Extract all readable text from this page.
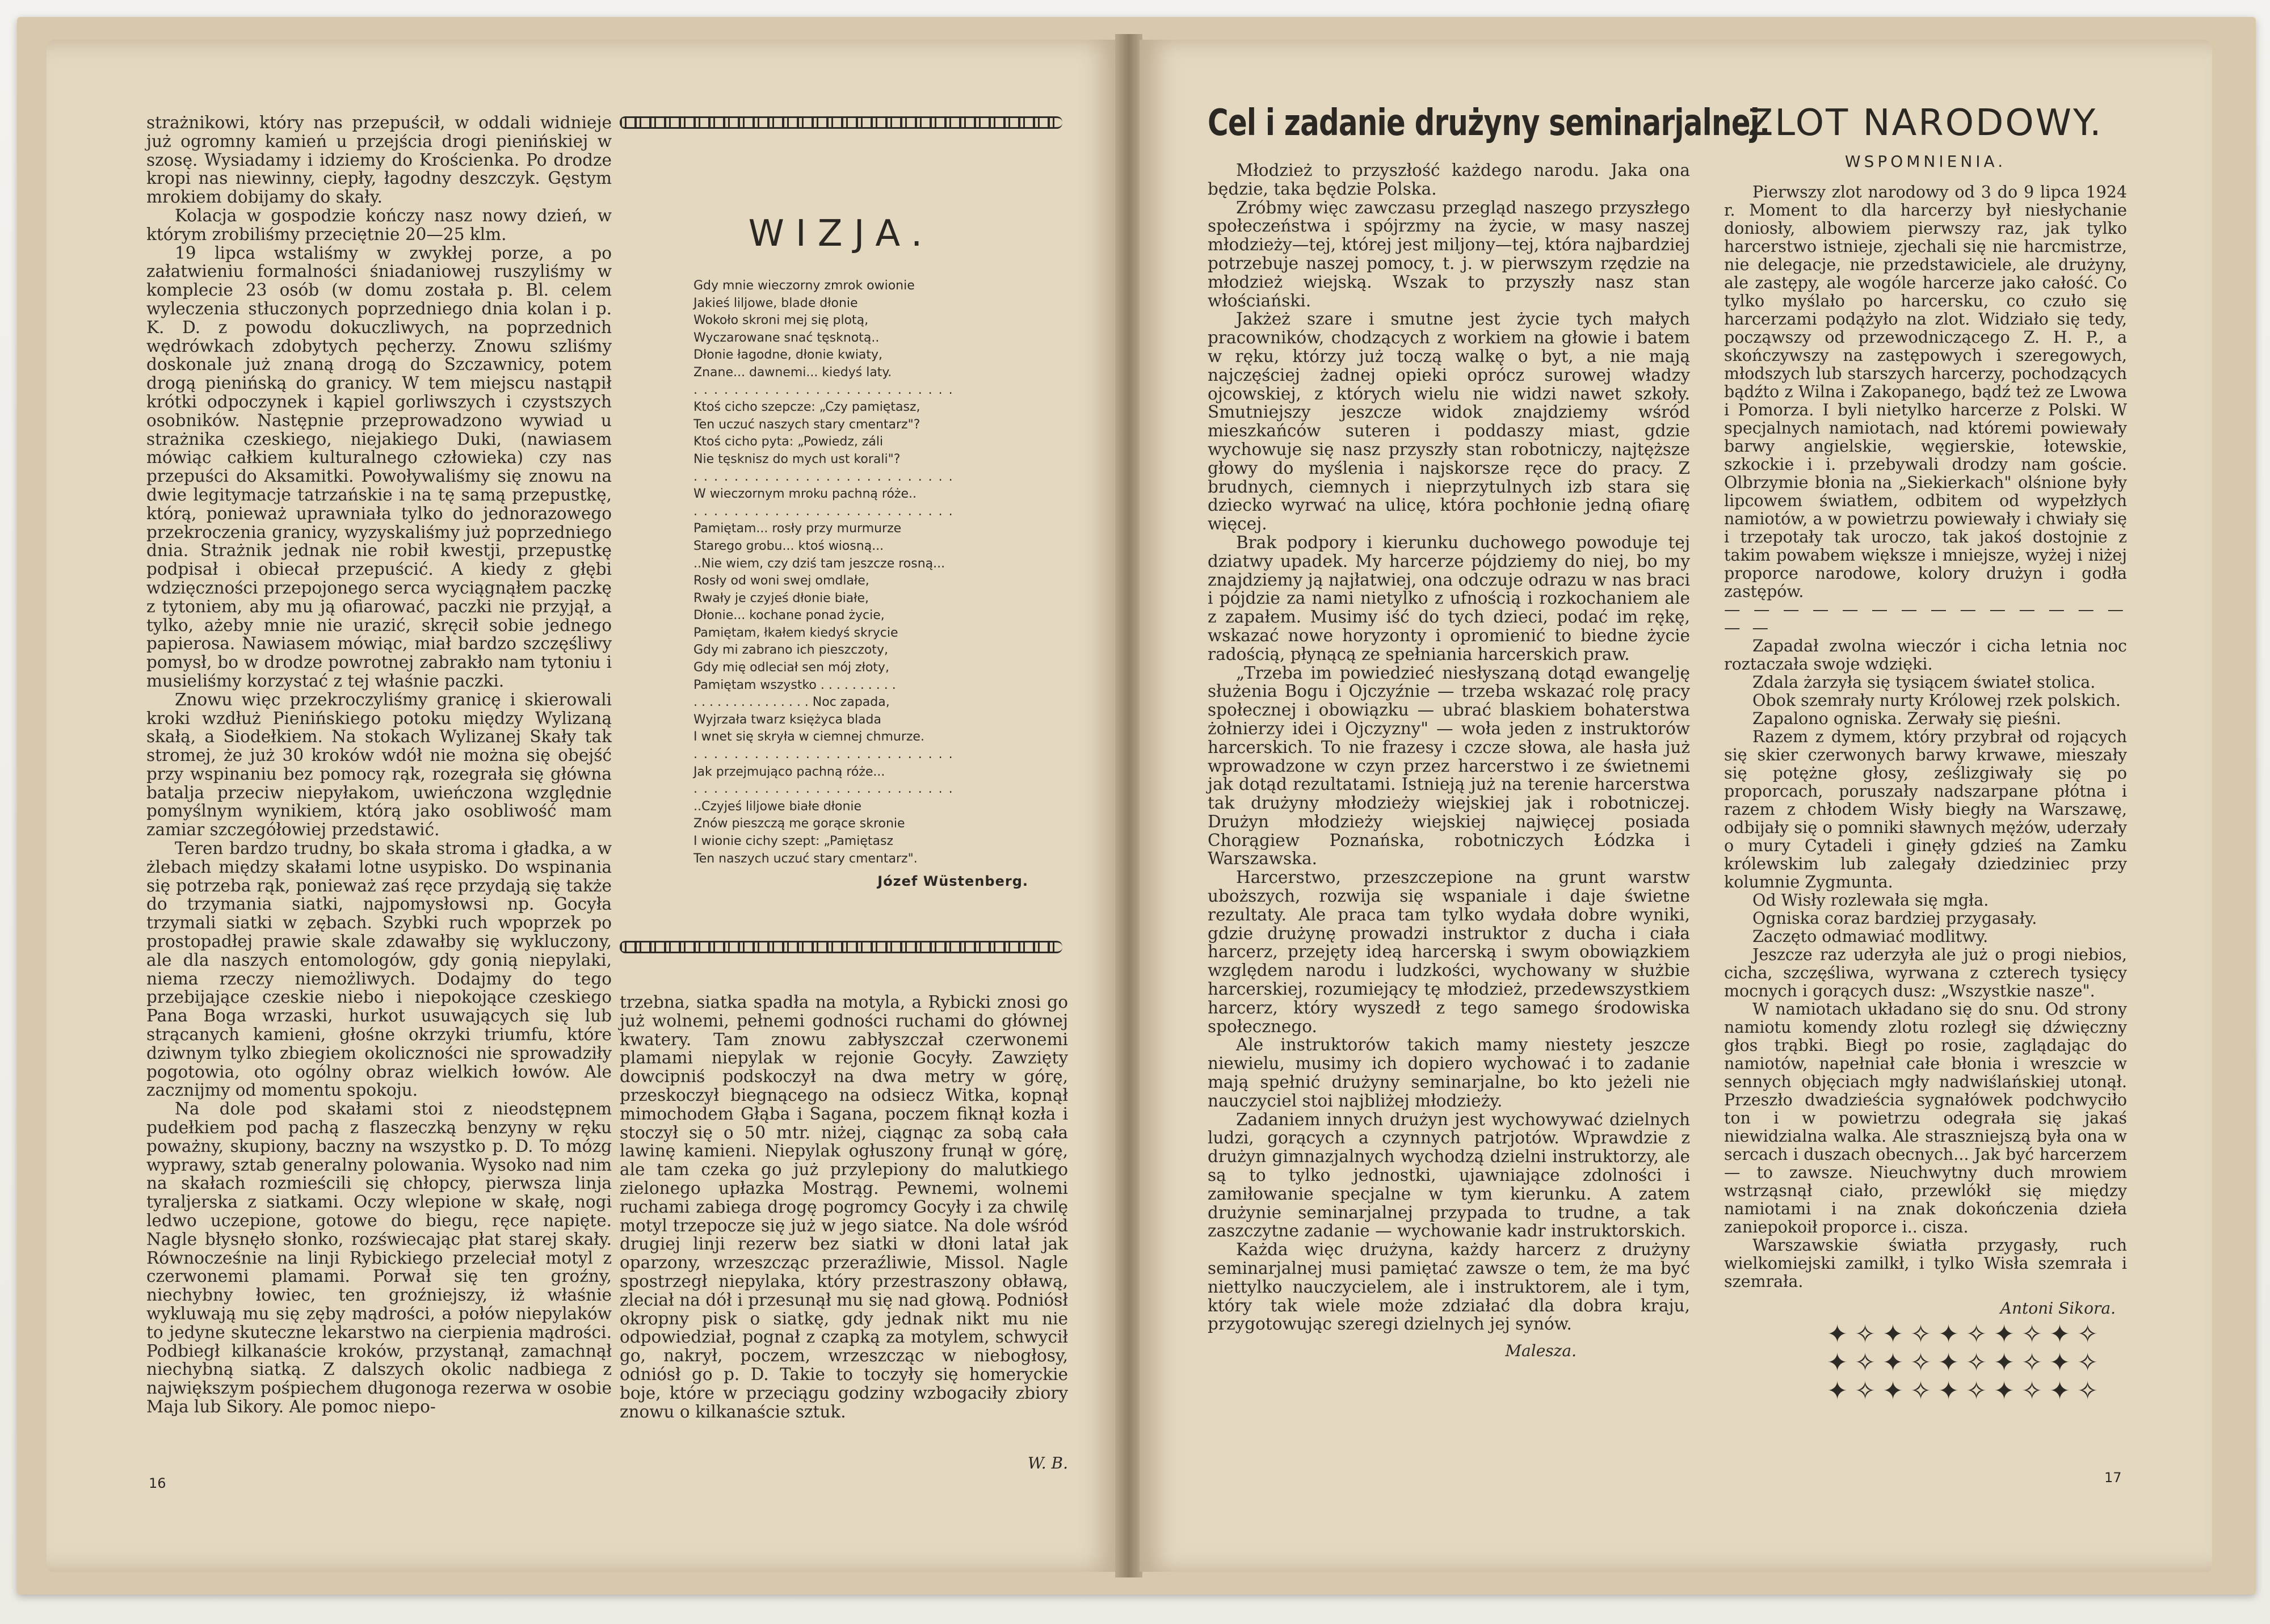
strażnikowi, który nas przepuścił, w oddali widnieje już ogromny kamień u przejścia drogi pienińskiej w szosę. Wysiadamy i idziemy do Krościenka. Po drodze kropi nas niewinny, ciepły, łagodny deszczyk. Gęstym mrokiem dobijamy do skały.

Kolacja w gospodzie kończy nasz nowy dzień, w którym zrobiliśmy przeciętnie 20—25 klm.

19 lipca wstaliśmy w zwykłej porze, a po załatwieniu formalności śniadaniowej ruszyliśmy w komplecie 23 osób (w domu została p. Bl. celem wyleczenia stłuczonych poprzedniego dnia kolan i p. K. D. z powodu dokuczliwych, na poprzednich wędrówkach zdobytych pęcherzy. Znowu szliśmy doskonale już znaną drogą do Szczawnicy, potem drogą pienińską do granicy. W tem miejscu nastąpił krótki odpoczynek i kąpiel gorliwszych i czystszych osobników. Następnie przeprowadzono wywiad u strażnika czeskiego, niejakiego Duki, (nawiasem mówiąc całkiem kulturalnego człowieka) czy nas przepuści do Aksamitki. Powoływaliśmy się znowu na dwie legitymacje tatrzańskie i na tę samą przepustkę, którą, ponieważ uprawniała tylko do jednorazowego przekroczenia granicy, wyzyskaliśmy już poprzedniego dnia. Strażnik jednak nie robił kwestji, przepustkę podpisał i obiecał przepuścić. A kiedy z głębi wdzięczności przepojonego serca wyciągnąłem paczkę z tytoniem, aby mu ją ofiarować, paczki nie przyjął, a tylko, ażeby mnie nie urazić, skręcił sobie jednego papierosa. Nawiasem mówiąc, miał bardzo szczęśliwy pomysł, bo w drodze powrotnej zabrakło nam tytoniu i musieliśmy korzystać z tej właśnie paczki.

Znowu więc przekroczyliśmy granicę i skierowali kroki wzdłuż Pienińskiego potoku między Wylizaną skałą, a Siodełkiem. Na stokach Wylizanej Skały tak stromej, że już 30 kroków wdół nie można się obejść przy wspinaniu bez pomocy rąk, rozegrała się główna batalja przeciw niepyłakom, uwieńczona względnie pomyślnym wynikiem, którą jako osobliwość mam zamiar szczegółowiej przedstawić.

Teren bardzo trudny, bo skała stroma i gładka, a w żlebach między skałami lotne usypisko. Do wspinania się potrzeba rąk, ponieważ zaś ręce przydają się także do trzymania siatki, najpomysłowsi np. Gocyła trzymali siatki w zębach. Szybki ruch wpoprzek po prostopadłej prawie skale zdawałby się wykluczony, ale dla naszych entomologów, gdy gonią niepylaki, niema rzeczy niemożliwych. Dodajmy do tego przebijające czeskie niebo i niepokojące czeskiego Pana Boga wrzaski, hurkot usuwających się lub strącanych kamieni, głośne okrzyki triumfu, które dziwnym tylko zbiegiem okoliczności nie sprowadziły pogotowia, oto ogólny obraz wielkich łowów. Ale zacznijmy od momentu spokoju.

Na dole pod skałami stoi z nieodstępnem pudełkiem pod pachą z flaszeczką benzyny w ręku poważny, skupiony, baczny na wszystko p. D. To mózg wyprawy, sztab generalny polowania. Wysoko nad nim na skałach rozmieścili się chłopcy, pierwsza linja tyraljerska z siatkami. Oczy wlepione w skałę, nogi ledwo uczepione, gotowe do biegu, ręce napięte. Nagle błysnęło słonko, rozświecając płat starej skały. Równocześnie na linji Rybickiego przeleciał motyl z czerwonemi plamami. Porwał się ten groźny, niechybny łowiec, ten groźniejszy, iż właśnie wykluwają mu się zęby mądrości, a połów niepylaków to jedyne skuteczne lekarstwo na cierpienia mądrości. Podbiegł kilkanaście kroków, przystanął, zamachnął niechybną siatką. Z dalszych okolic nadbiega z największym pośpiechem długonoga rezerwa w osobie Maja lub Sikory. Ale pomoc niepo-

WIZJA.
Gdy mnie wieczorny zmrok owionie
Jakieś liljowe, blade dłonie
Wokoło skroni mej się plotą,
Wyczarowane snać tęsknotą..
Dłonie łagodne, dłonie kwiaty,
Znane... dawnemi... kiedyś laty.
. . . . . . . . . . . . . . . . . . . . . . . . . .
Ktoś cicho szepcze: „Czy pamiętasz,
Ten uczuć naszych stary cmentarz"?
Ktoś cicho pyta: „Powiedz, záli
Nie tęsknisz do mych ust korali"?
. . . . . . . . . . . . . . . . . . . . . . . . . .
W wieczornym mroku pachną róże..
. . . . . . . . . . . . . . . . . . . . . . . . . .
Pamiętam... rosły przy murmurze
Starego grobu... ktoś wiosną...
..Nie wiem, czy dziś tam jeszcze rosną...
Rosły od woni swej omdlałe,
Rwały je czyjeś dłonie białe,
Dłonie... kochane ponad życie,
Pamiętam, łkałem kiedyś skrycie
Gdy mi zabrano ich pieszczoty,
Gdy mię odleciał sen mój złoty,
Pamiętam wszystko . . . . . . . . . .
. . . . . . . . . . . . . . . Noc zapada,
Wyjrzała twarz księżyca blada
I wnet się skryła w ciemnej chmurze.
. . . . . . . . . . . . . . . . . . . . . . . . . .
Jak przejmująco pachną róże...
. . . . . . . . . . . . . . . . . . . . . . . . . .
..Czyjeś liljowe białe dłonie
Znów pieszczą me gorące skronie
I wionie cichy szept: „Pamiętasz
Ten naszych uczuć stary cmentarz".
Józef Wüstenberg.

trzebna, siatka spadła na motyla, a Rybicki znosi go już wolnemi, pełnemi godności ruchami do głównej kwatery. Tam znowu zabłyszczał czerwonemi plamami niepylak w rejonie Gocyły. Zawzięty dowcipniś podskoczył na dwa metry w górę, przeskoczył biegnącego na odsiecz Witka, kopnął mimochodem Głąba i Sagana, poczem fiknął kozła i stoczył się o 50 mtr. niżej, ciągnąc za sobą cała lawinę kamieni. Niepylak ogłuszony frunął w górę, ale tam czeka go już przylepiony do malutkiego zielonego upłazka Mostrąg. Pewnemi, wolnemi ruchami zabiega drogę pogromcy Gocyły i za chwilę motyl trzepocze się już w jego siatce. Na dole wśród drugiej linji rezerw bez siatki w dłoni latał jak oparzony, wrzeszcząc przeraźliwie, Missol. Nagle spostrzegł niepylaka, który przestraszony obławą, zleciał na dół i przesunął mu się nad głową. Podniósł okropny pisk o siatkę, gdy jednak nikt mu nie odpowiedział, pognał z czapką za motylem, schwycił go, nakrył, poczem, wrzeszcząc w niebogłosy, odniósł go p. D. Takie to toczyły się homeryckie boje, które w przeciągu godziny wzbogaciły zbiory znowu o kilkanaście sztuk.

W. B.
16
Cel i zadanie drużyny seminarjalnej.

Młodzież to przyszłość każdego narodu. Jaka ona będzie, taka będzie Polska.

Zróbmy więc zawczasu przegląd naszego przyszłego społeczeństwa i spójrzmy na życie, w masy naszej młodzieży—tej, której jest miljony—tej, która najbardziej potrzebuje naszej pomocy, t. j. w pierwszym rzędzie na młodzież wiejską. Wszak to przyszły nasz stan włościański.

Jakżeż szare i smutne jest życie tych małych pracowników, chodzących z workiem na głowie i batem w ręku, którzy już toczą walkę o byt, a nie mają najczęściej żadnej opieki oprócz surowej władzy ojcowskiej, z których wielu nie widzi nawet szkoły. Smutniejszy jeszcze widok znajdziemy wśród mieszkańców suteren i poddaszy miast, gdzie wychowuje się nasz przyszły stan robotniczy, najtęższe głowy do myślenia i najskorsze ręce do pracy. Z brudnych, ciemnych i nieprzytulnych izb stara się dziecko wyrwać na ulicę, która pochłonie jedną ofiarę więcej.

Brak podpory i kierunku duchowego powoduje tej dziatwy upadek. My harcerze pójdziemy do niej, bo my znajdziemy ją najłatwiej, ona odczuje odrazu w nas braci i pójdzie za nami nietylko z ufnością i rozkochaniem ale z zapałem. Musimy iść do tych dzieci, podać im rękę, wskazać nowe horyzonty i opromienić to biedne życie radością, płynącą ze spełniania harcerskich praw.

„Trzeba im powiedzieć niesłyszaną dotąd ewangelję służenia Bogu i Ojczyźnie — trzeba wskazać rolę pracy społecznej i obowiązku — ubrać blaskiem bohaterstwa żołnierzy idei i Ojczyzny" — woła jeden z instruktorów harcerskich. To nie frazesy i czcze słowa, ale hasła już wprowadzone w czyn przez harcerstwo i ze świetnemi jak dotąd rezultatami. Istnieją już na terenie harcerstwa tak drużyny młodzieży wiejskiej jak i robotniczej. Drużyn młodzieży wiejskiej najwięcej posiada Chorągiew Poznańska, robotniczych Łódzka i Warszawska.

Harcerstwo, przeszczepione na grunt warstw uboższych, rozwija się wspaniale i daje świetne rezultaty. Ale praca tam tylko wydała dobre wyniki, gdzie drużynę prowadzi instruktor z ducha i ciała harcerz, przejęty ideą harcerską i swym obowiązkiem względem narodu i ludzkości, wychowany w służbie harcerskiej, rozumiejący tę młodzież, przedewszystkiem harcerz, który wyszedł z tego samego środowiska społecznego.

Ale instruktorów takich mamy niestety jeszcze niewielu, musimy ich dopiero wychować i to zadanie mają spełnić drużyny seminarjalne, bo kto jeżeli nie nauczyciel stoi najbliżej młodzieży.

Zadaniem innych drużyn jest wychowywać dzielnych ludzi, gorących a czynnych patrjotów. Wprawdzie z drużyn gimnazjalnych wychodzą dzielni instruktorzy, ale są to tylko jednostki, ujawniające zdolności i zamiłowanie specjalne w tym kierunku. A zatem drużynie seminarjalnej przypada to trudne, a tak zaszczytne zadanie — wychowanie kadr instruktorskich.

Każda więc drużyna, każdy harcerz z drużyny seminarjalnej musi pamiętać zawsze o tem, że ma być niettylko nauczycielem, ale i instruktorem, ale i tym, który tak wiele może zdziałać dla dobra kraju, przygotowując szeregi dzielnych jej synów.

Malesza.
ZLOT NARODOWY.
WSPOMNIENIA.

Pierwszy zlot narodowy od 3 do 9 lipca 1924 r. Moment to dla harcerzy był niesłychanie doniosły, albowiem pierwszy raz, jak tylko harcerstwo istnieje, zjechali się nie harcmistrze, nie delegacje, nie przedstawiciele, ale drużyny, ale zastępy, ale wogóle harcerze jako całość. Co tylko myślało po harcersku, co czuło się harcerzami podążyło na zlot. Widziało się tedy, począwszy od przewodniczącego Z. H. P., a skończywszy na zastępowych i szeregowych, młodszych lub starszych harcerzy, pochodzących bądźto z Wilna i Zakopanego, bądź też ze Lwowa i Pomorza. I byli nietylko harcerze z Polski. W specjalnych namiotach, nad któremi powiewały barwy angielskie, węgierskie, łotewskie, szkockie i i. przebywali drodzy nam goście. Olbrzymie błonia na „Siekierkach" olśnione były lipcowem światłem, odbitem od wypełzłych namiotów, a w powietrzu powiewały i chwiały się i trzepotały tak uroczo, tak jakoś dostojnie z takim powabem większe i mniejsze, wyżej i niżej proporce narodowe, kolory drużyn i godła zastępów.

— — — — — — — — — — — — — — — —

Zapadał zwolna wieczór i cicha letnia noc roztaczała swoje wdzięki.

Zdala żarzyła się tysiącem świateł stolica.

Obok szemrały nurty Królowej rzek polskich.

Zapalono ogniska. Zerwały się pieśni.

Razem z dymem, który przybrał od rojących się skier czerwonych barwy krwawe, mieszały się potężne głosy, ześlizgiwały się po proporcach, poruszały nadszarpane płótna i razem z chłodem Wisły biegły na Warszawę, odbijały się o pomniki sławnych mężów, uderzały o mury Cytadeli i ginęły gdzieś na Zamku królewskim lub zalegały dziedziniec przy kolumnie Zygmunta.

Od Wisły rozlewała się mgła.

Ogniska coraz bardziej przygasały.

Zaczęto odmawiać modlitwy.

Jeszcze raz uderzyła ale już o progi niebios, cicha, szczęśliwa, wyrwana z czterech tysięcy mocnych i gorących dusz: „Wszystkie nasze".

W namiotach układano się do snu. Od strony namiotu komendy zlotu rozległ się dźwięczny głos trąbki. Biegł po rosie, zaglądając do namiotów, napełniał całe błonia i wreszcie w sennych objęciach mgły nadwiślańskiej utonął. Przeszło dwadzieścia sygnałówek podchwyciło ton i w powietrzu odegrała się jakaś niewidzialna walka. Ale straszniejszą była ona w sercach i duszach obecnych... Jak być harcerzem — to zawsze. Nieuchwytny duch mrowiem wstrząsnął ciało, przewlókł się między namiotami i na znak dokończenia dzieła zaniepokoił proporce i.. cisza.

Warszawskie światła przygasły, ruch wielkomiejski zamilkł, i tylko Wisła szemrała i szemrała.

Antoni Sikora.
✦ ✧ ✦ ✧ ✦ ✧ ✦ ✧ ✦ ✧
✦ ✧ ✦ ✧ ✦ ✧ ✦ ✧ ✦ ✧
✦ ✧ ✦ ✧ ✦ ✧ ✦ ✧ ✦ ✧
17
